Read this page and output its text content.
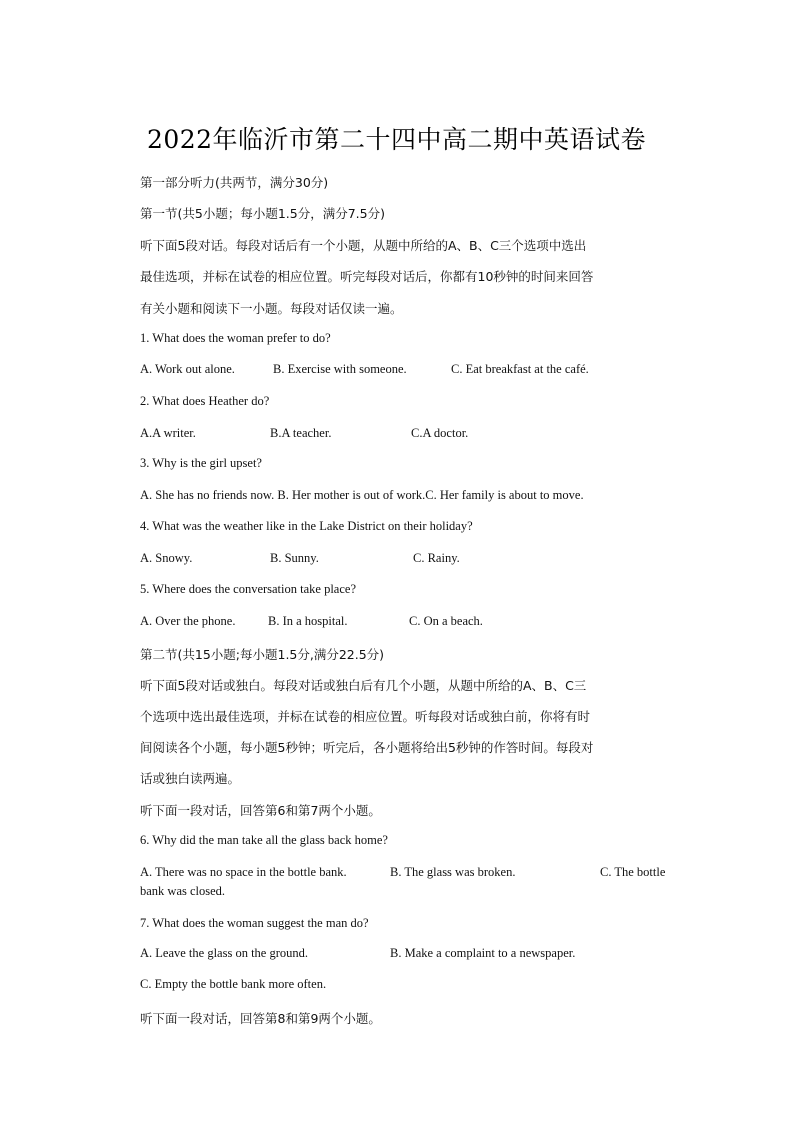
2022年临沂市第二十四中高二期中英语试卷
第一部分听力(共两节，满分30分)
第一节(共5小题；每小题1.5分，满分7.5分)
听下面5段对话。每段对话后有一个小题，从题中所给的A、B、C三个选项中选出
最佳选项，并标在试卷的相应位置。听完每段对话后，你都有10秒钟的时间来回答
有关小题和阅读下一小题。每段对话仅读一遍。
1. What does the woman prefer to do?
A. Work out alone.	B. Exercise with someone.	C. Eat breakfast at the café.
2. What does Heather do?
A.A writer.	B.A teacher.	C.A doctor.
3. Why is the girl upset?
A. She has no friends now. B. Her mother is out of work.C. Her family is about to move.
4. What was the weather like in the Lake District on their holiday?
A. Snowy.	B. Sunny.	C. Rainy.
5. Where does the conversation take place?
A. Over the phone.	B. In a hospital.	C. On a beach.
第二节(共15小题;每小题1.5分,满分22.5分)
听下面5段对话或独白。每段对话或独白后有几个小题，从题中所给的A、B、C三
个选项中选出最佳选项，并标在试卷的相应位置。听每段对话或独白前，你将有时
间阅读各个小题，每小题5秒钟；听完后，各小题将给出5秒钟的作答时间。每段对
话或独白读两遍。
听下面一段对话，回答第6和第7两个小题。
6. Why did the man take all the glass back home?
A. There was no space in the bottle bank.	B. The glass was broken.	C. The bottle
bank was closed.
7. What does the woman suggest the man do?
A. Leave the glass on the ground.	B. Make a complaint to a newspaper.
C. Empty the bottle bank more often.
听下面一段对话，回答第8和第9两个小题。
